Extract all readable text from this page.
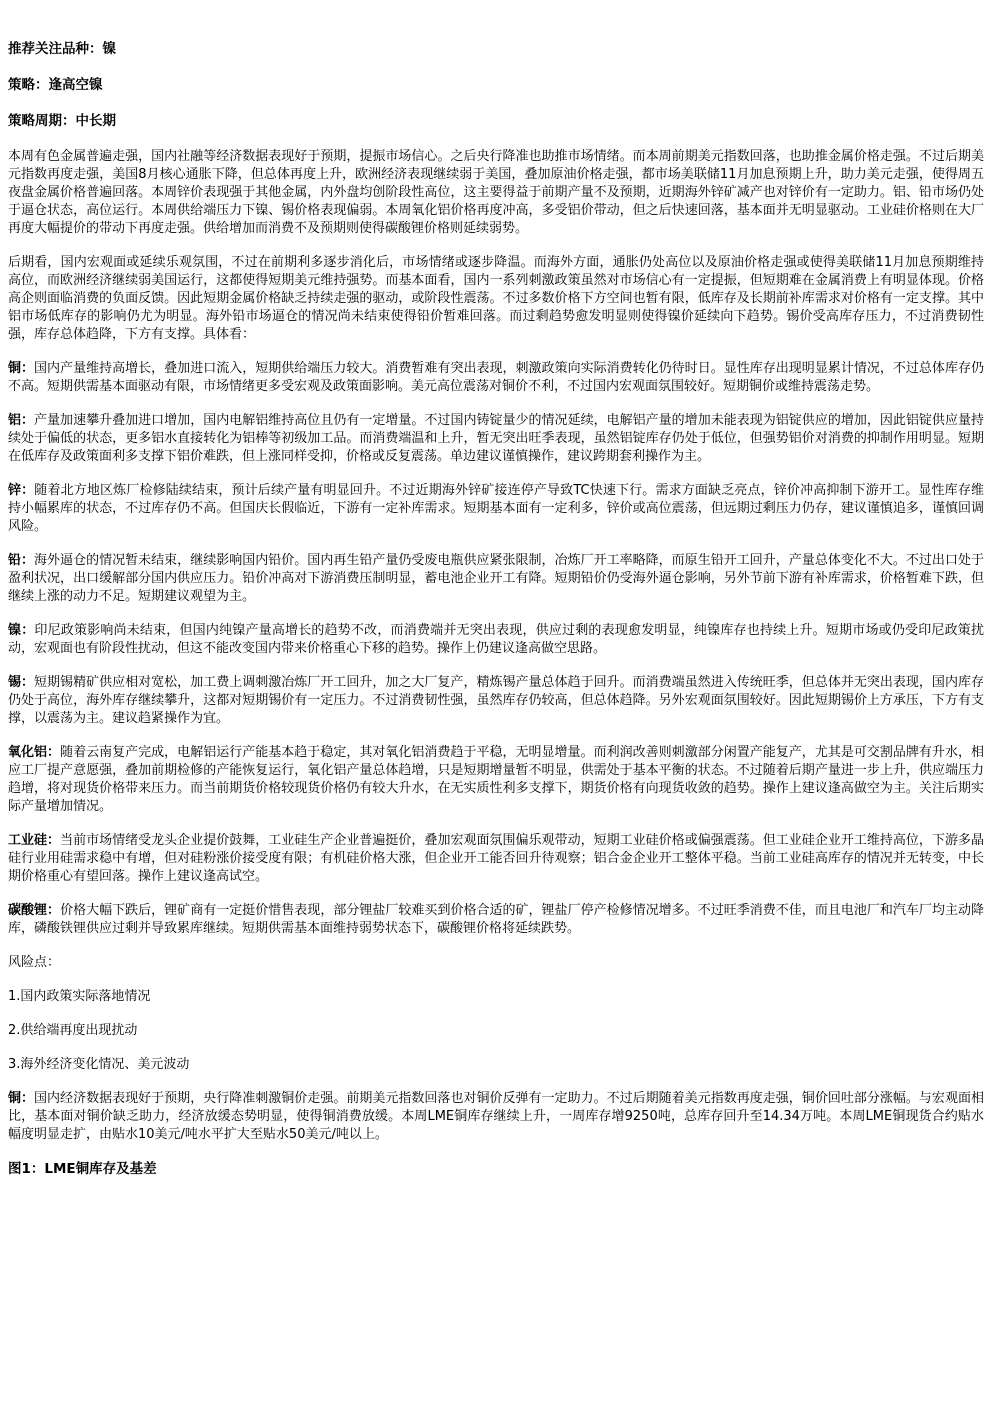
推荐关注品种：镍
策略：逢高空镍
策略周期：中长期

本周有色金属普遍走强，国内社融等经济数据表现好于预期，提振市场信心。之后央行降准也助推市场情绪。而本周前期美元指数回落，也助推金属价格走强。不过后期美元指数再度走强，美国8月核心通胀下降，但总体再度上升，欧洲经济表现继续弱于美国，叠加原油价格走强，都市场美联储11月加息预期上升，助力美元走强，使得周五夜盘金属价格普遍回落。本周锌价表现强于其他金属，内外盘均创阶段性高位，这主要得益于前期产量不及预期，近期海外锌矿减产也对锌价有一定助力。铝、铅市场仍处于逼仓状态，高位运行。本周供给端压力下镍、锡价格表现偏弱。本周氧化铝价格再度冲高，多受铝价带动，但之后快速回落，基本面并无明显驱动。工业硅价格则在大厂再度大幅提价的带动下再度走强。供给增加而消费不及预期则使得碳酸锂价格则延续弱势。

后期看，国内宏观面或延续乐观氛围，不过在前期利多逐步消化后，市场情绪或逐步降温。而海外方面，通胀仍处高位以及原油价格走强或使得美联储11月加息预期维持高位，而欧洲经济继续弱美国运行，这都使得短期美元维持强势。而基本面看，国内一系列刺激政策虽然对市场信心有一定提振，但短期难在金属消费上有明显体现。价格高企则面临消费的负面反馈。因此短期金属价格缺乏持续走强的驱动，或阶段性震荡。不过多数价格下方空间也暂有限，低库存及长期前补库需求对价格有一定支撑。其中铝市场低库存的影响仍尤为明显。海外铅市场逼仓的情况尚未结束使得铅价暂难回落。而过剩趋势愈发明显则使得镍价延续向下趋势。锡价受高库存压力，不过消费韧性强，库存总体趋降，下方有支撑。具体看：

铜：国内产量维持高增长，叠加进口流入，短期供给端压力较大。消费暂难有突出表现，刺激政策向实际消费转化仍待时日。显性库存出现明显累计情况，不过总体库存仍不高。短期供需基本面驱动有限，市场情绪更多受宏观及政策面影响。美元高位震荡对铜价不利，不过国内宏观面氛围较好。短期铜价或维持震荡走势。

铝：产量加速攀升叠加进口增加，国内电解铝维持高位且仍有一定增量。不过国内铸锭量少的情况延续，电解铝产量的增加未能表现为铝锭供应的增加，因此铝锭供应量持续处于偏低的状态，更多铝水直接转化为铝棒等初级加工品。而消费端温和上升，暂无突出旺季表现，虽然铝锭库存仍处于低位，但强势铝价对消费的抑制作用明显。短期在低库存及政策面利多支撑下铝价难跌，但上涨同样受抑，价格或反复震荡。单边建议谨慎操作，建议跨期套利操作为主。

锌：随着北方地区炼厂检修陆续结束，预计后续产量有明显回升。不过近期海外锌矿接连停产导致TC快速下行。需求方面缺乏亮点，锌价冲高抑制下游开工。显性库存维持小幅累库的状态，不过库存仍不高。但国庆长假临近，下游有一定补库需求。短期基本面有一定利多，锌价或高位震荡，但远期过剩压力仍存，建议谨慎追多，谨慎回调风险。

铅：海外逼仓的情况暂未结束，继续影响国内铅价。国内再生铅产量仍受废电瓶供应紧张限制，冶炼厂开工率略降，而原生铅开工回升，产量总体变化不大。不过出口处于盈利状况，出口缓解部分国内供应压力。铅价冲高对下游消费压制明显，蓄电池企业开工有降。短期铅价仍受海外逼仓影响，另外节前下游有补库需求，价格暂难下跌，但继续上涨的动力不足。短期建议观望为主。

镍：印尼政策影响尚未结束，但国内纯镍产量高增长的趋势不改，而消费端并无突出表现，供应过剩的表现愈发明显，纯镍库存也持续上升。短期市场或仍受印尼政策扰动，宏观面也有阶段性扰动，但这不能改变国内带来价格重心下移的趋势。操作上仍建议逢高做空思路。

锡：短期锡精矿供应相对宽松，加工费上调刺激冶炼厂开工回升，加之大厂复产，精炼锡产量总体趋于回升。而消费端虽然进入传统旺季，但总体并无突出表现，国内库存仍处于高位，海外库存继续攀升，这都对短期锡价有一定压力。不过消费韧性强，虽然库存仍较高，但总体趋降。另外宏观面氛围较好。因此短期锡价上方承压，下方有支撑，以震荡为主。建议趋紧操作为宜。

氧化铝：随着云南复产完成，电解铝运行产能基本趋于稳定，其对氧化铝消费趋于平稳，无明显增量。而利润改善则刺激部分闲置产能复产，尤其是可交割品牌有升水，相应工厂提产意愿强，叠加前期检修的产能恢复运行，氧化铝产量总体趋增，只是短期增量暂不明显，供需处于基本平衡的状态。不过随着后期产量进一步上升，供应端压力趋增，将对现货价格带来压力。而当前期货价格较现货价格仍有较大升水，在无实质性利多支撑下，期货价格有向现货收敛的趋势。操作上建议逢高做空为主。关注后期实际产量增加情况。

工业硅：当前市场情绪受龙头企业提价鼓舞，工业硅生产企业普遍挺价，叠加宏观面氛围偏乐观带动，短期工业硅价格或偏强震荡。但工业硅企业开工维持高位，下游多晶硅行业用硅需求稳中有增，但对硅粉涨价接受度有限；有机硅价格大涨，但企业开工能否回升待观察；铝合金企业开工整体平稳。当前工业硅高库存的情况并无转变，中长期价格重心有望回落。操作上建议逢高试空。

碳酸锂：价格大幅下跌后，锂矿商有一定挺价惜售表现，部分锂盐厂较难买到价格合适的矿，锂盐厂停产检修情况增多。不过旺季消费不佳，而且电池厂和汽车厂均主动降库，磷酸铁锂供应过剩并导致累库继续。短期供需基本面维持弱势状态下，碳酸锂价格将延续跌势。

风险点：
1.国内政策实际落地情况
2.供给端再度出现扰动
3.海外经济变化情况、美元波动

铜：国内经济数据表现好于预期，央行降准刺激铜价走强。前期美元指数回落也对铜价反弹有一定助力。不过后期随着美元指数再度走强，铜价回吐部分涨幅。与宏观面相比，基本面对铜价缺乏助力，经济放缓态势明显，使得铜消费放缓。本周LME铜库存继续上升，一周库存增9250吨，总库存回升至14.34万吨。本周LME铜现货合约贴水幅度明显走扩，由贴水10美元/吨水平扩大至贴水50美元/吨以上。

图1：LME铜库存及基差
